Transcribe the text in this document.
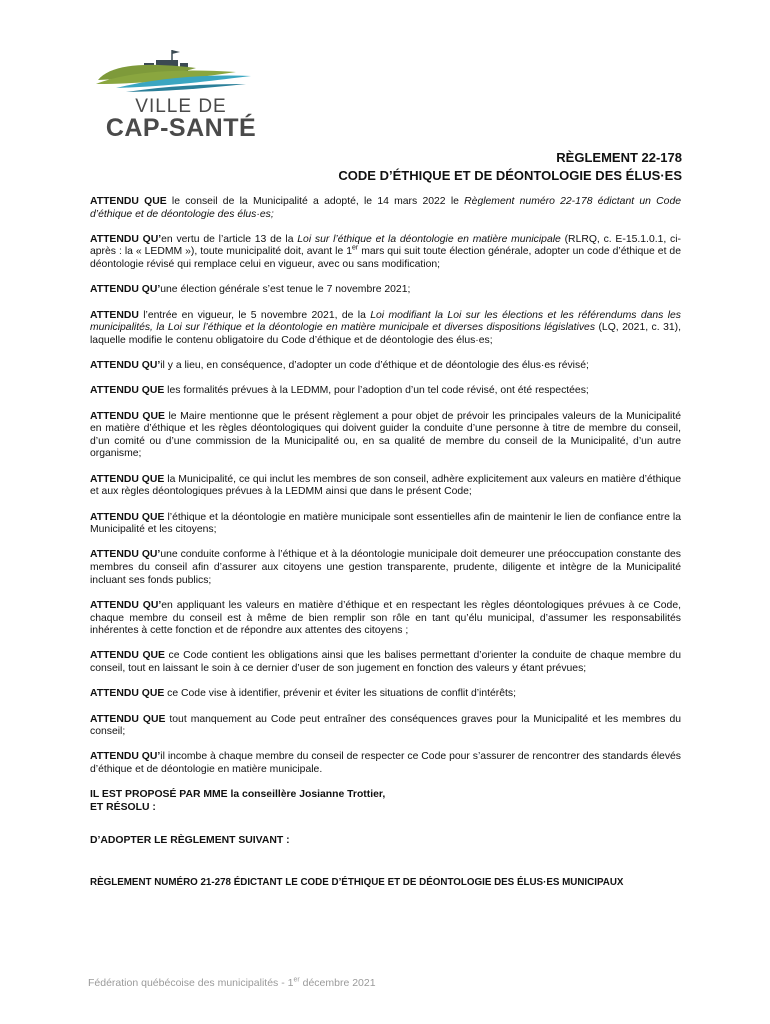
VILLE DE
CAP-SANTÉ
RÈGLEMENT 22-178
CODE D’ÉTHIQUE ET DE DÉONTOLOGIE DES ÉLUS·ES

ATTENDU QUE le conseil de la Municipalité a adopté, le 14 mars 2022 le Règlement numéro 22-178 édictant un Code d’éthique et de déontologie des élus·es;

ATTENDU QU’en vertu de l’article 13 de la Loi sur l’éthique et la déontologie en matière municipale (RLRQ, c. E-15.1.0.1, ci-après : la « LEDMM »), toute municipalité doit, avant le 1er mars qui suit toute élection générale, adopter un code d’éthique et de déontologie révisé qui remplace celui en vigueur, avec ou sans modification;

ATTENDU QU’une élection générale s’est tenue le 7 novembre 2021;

ATTENDU l’entrée en vigueur, le 5 novembre 2021, de la Loi modifiant la Loi sur les élections et les référendums dans les municipalités, la Loi sur l’éthique et la déontologie en matière municipale et diverses dispositions législatives (LQ, 2021, c. 31), laquelle modifie le contenu obligatoire du Code d’éthique et de déontologie des élus·es;

ATTENDU QU’il y a lieu, en conséquence, d’adopter un code d’éthique et de déontologie des élus·es révisé;

ATTENDU QUE les formalités prévues à la LEDMM, pour l’adoption d’un tel code révisé, ont été respectées;

ATTENDU QUE le Maire mentionne que le présent règlement a pour objet de prévoir les principales valeurs de la Municipalité en matière d’éthique et les règles déontologiques qui doivent guider la conduite d’une personne à titre de membre du conseil, d’un comité ou d’une commission de la Municipalité ou, en sa qualité de membre du conseil de la Municipalité, d’un autre organisme;

ATTENDU QUE la Municipalité, ce qui inclut les membres de son conseil, adhère explicitement aux valeurs en matière d’éthique et aux règles déontologiques prévues à la LEDMM ainsi que dans le présent Code;

ATTENDU QUE l’éthique et la déontologie en matière municipale sont essentielles afin de maintenir le lien de confiance entre la Municipalité et les citoyens;

ATTENDU QU’une conduite conforme à l’éthique et à la déontologie municipale doit demeurer une préoccupation constante des membres du conseil afin d’assurer aux citoyens une gestion transparente, prudente, diligente et intègre de la Municipalité incluant ses fonds publics;

ATTENDU QU’en appliquant les valeurs en matière d’éthique et en respectant les règles déontologiques prévues à ce Code, chaque membre du conseil est à même de bien remplir son rôle en tant qu’élu municipal, d’assumer les responsabilités inhérentes à cette fonction et de répondre aux attentes des citoyens ;

ATTENDU QUE ce Code contient les obligations ainsi que les balises permettant d’orienter la conduite de chaque membre du conseil, tout en laissant le soin à ce dernier d’user de son jugement en fonction des valeurs y étant prévues;

ATTENDU QUE ce Code vise à identifier, prévenir et éviter les situations de conflit d’intérêts;

ATTENDU QUE tout manquement au Code peut entraîner des conséquences graves pour la Municipalité et les membres du conseil;

ATTENDU QU’il incombe à chaque membre du conseil de respecter ce Code pour s’assurer de rencontrer des standards élevés d’éthique et de déontologie en matière municipale.

IL EST PROPOSÉ PAR MME la conseillère Josianne Trottier,

ET RÉSOLU :

D’ADOPTER LE RÈGLEMENT SUIVANT :

RÈGLEMENT NUMÉRO 21-278 ÉDICTANT LE CODE D’ÉTHIQUE ET DE DÉONTOLOGIE DES ÉLUS·ES MUNICIPAUX

Fédération québécoise des municipalités - 1er décembre 2021
